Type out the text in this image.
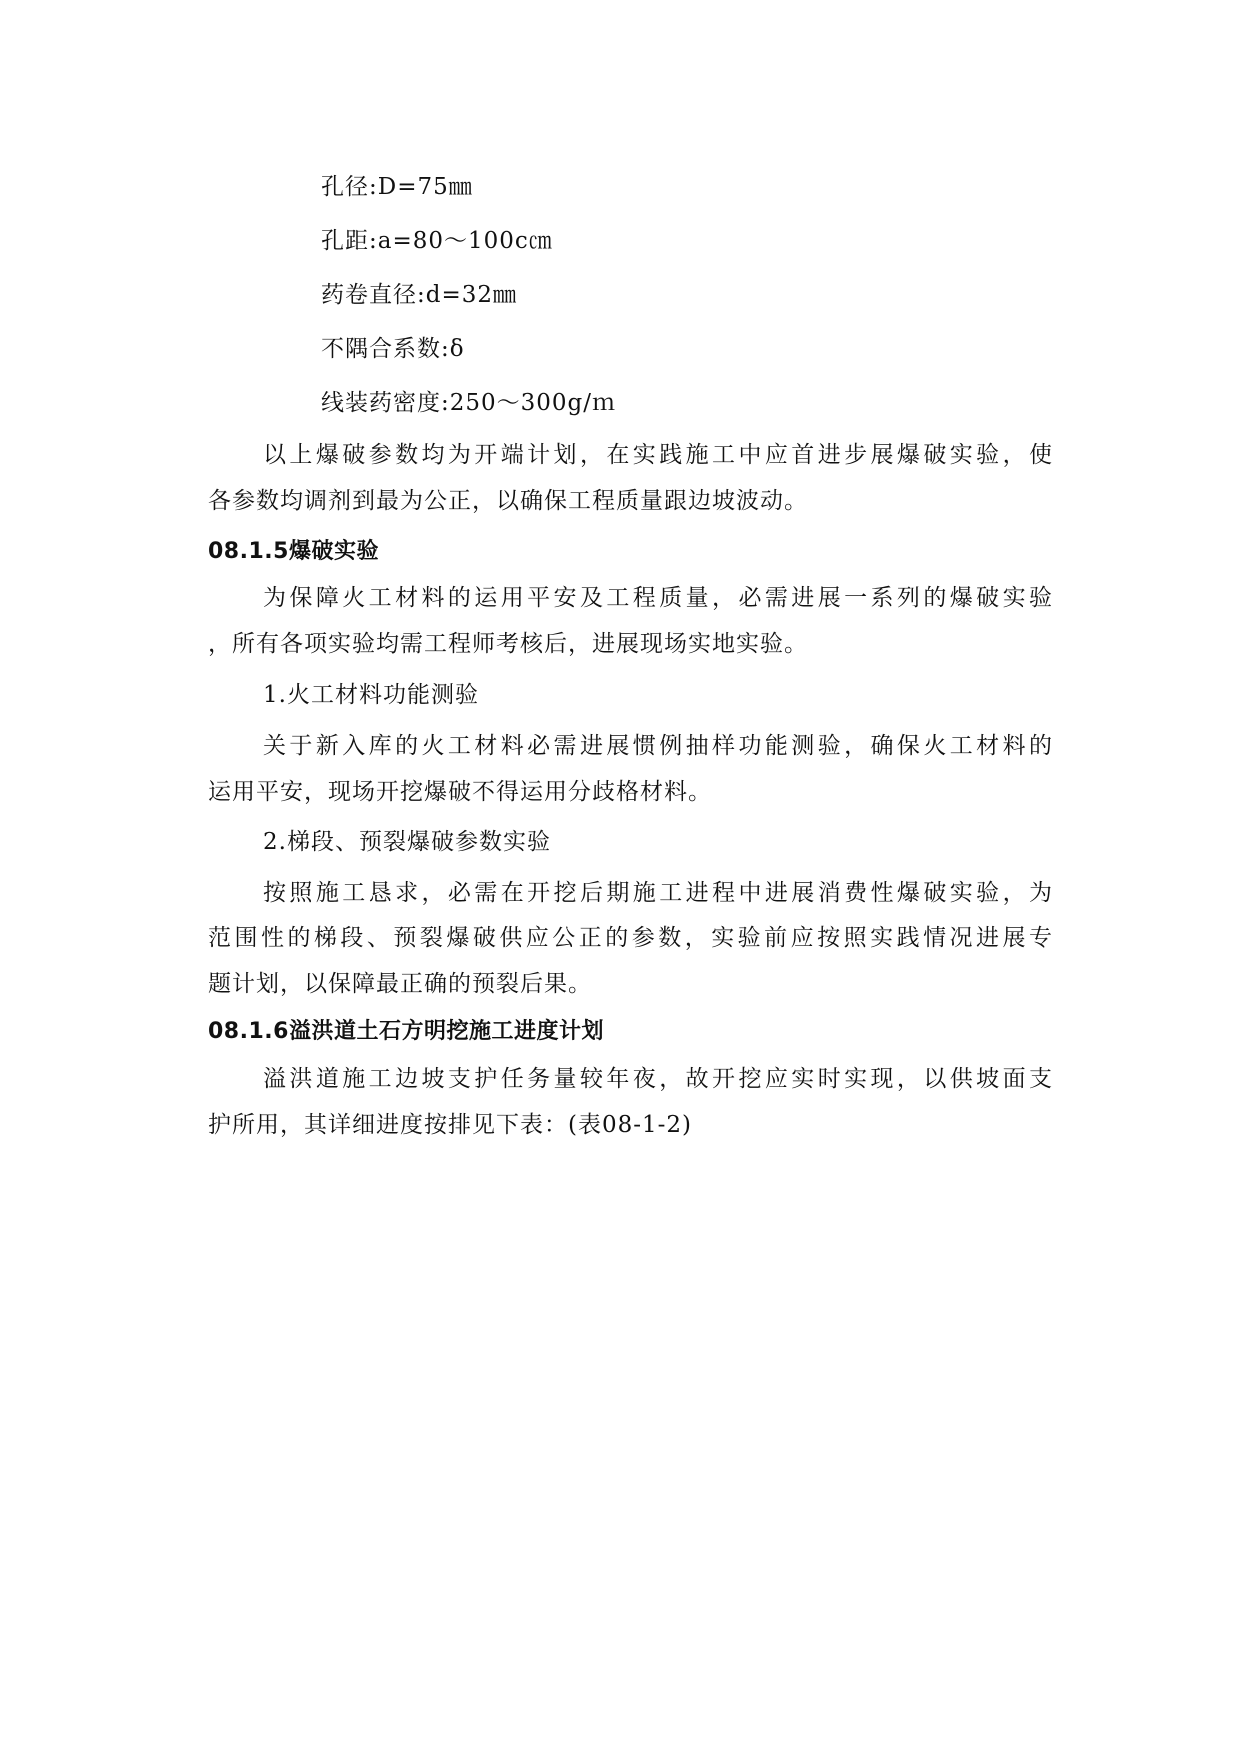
孔径:D=75㎜
孔距:a=80～100c㎝
药卷直径:d=32㎜
不隅合系数:δ
线装药密度:250～300g/ｍ
以上爆破参数均为开端计划，在实践施工中应首进步展爆破实验，使
各参数均调剂到最为公正，以确保工程质量跟边坡波动。
08.1.5爆破实验
为保障火工材料的运用平安及工程质量，必需进展一系列的爆破实验
，所有各项实验均需工程师考核后，进展现场实地实验。
1.火工材料功能测验
关于新入库的火工材料必需进展惯例抽样功能测验，确保火工材料的
运用平安，现场开挖爆破不得运用分歧格材料。
2.梯段、预裂爆破参数实验
按照施工恳求，必需在开挖后期施工进程中进展消费性爆破实验，为
范围性的梯段、预裂爆破供应公正的参数，实验前应按照实践情况进展专
题计划，以保障最正确的预裂后果。
08.1.6溢洪道土石方明挖施工进度计划
溢洪道施工边坡支护任务量较年夜，故开挖应实时实现，以供坡面支
护所用，其详细进度按排见下表：(表08-1-2)
